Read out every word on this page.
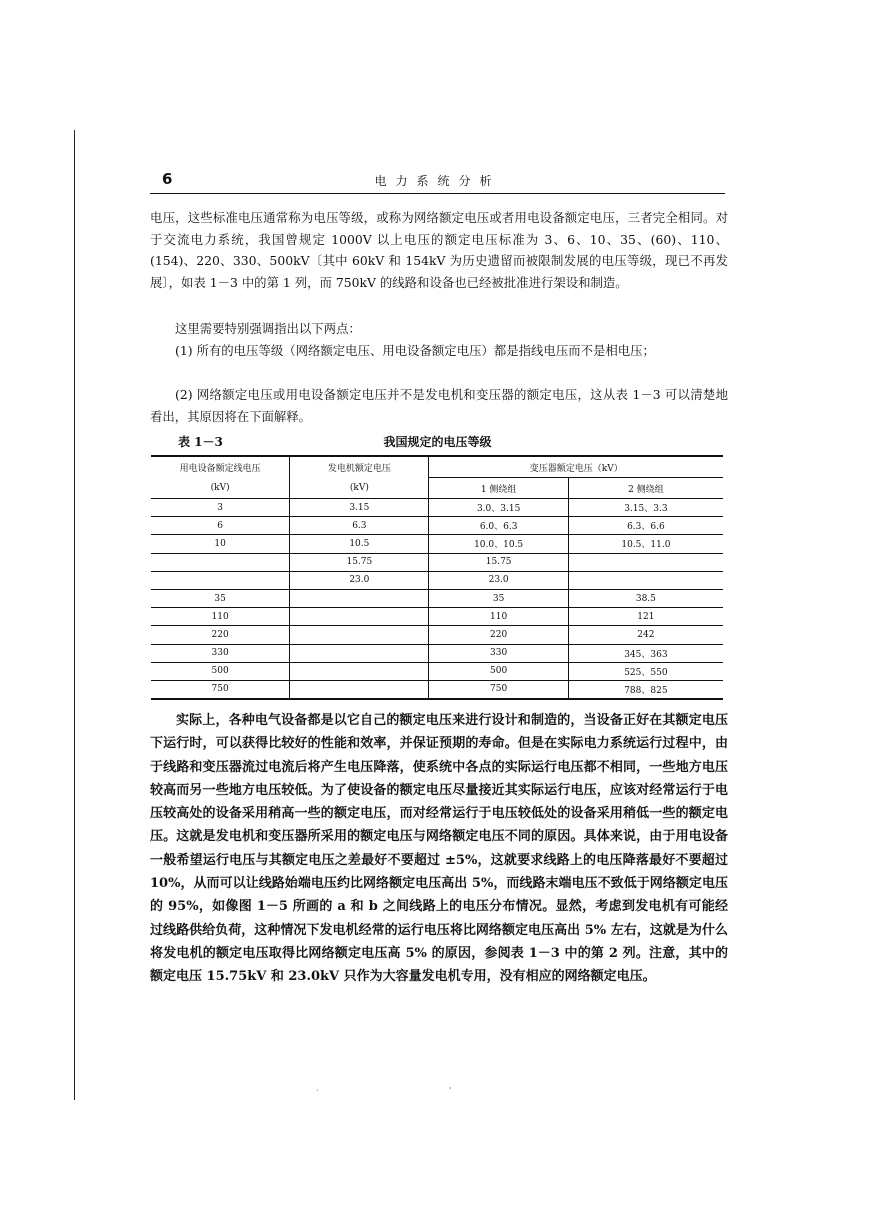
6	电力系统分析

电压，这些标准电压通常称为电压等级，或称为网络额定电压或者用电设备额定电压，三者完全相同。对于交流电力系统，我国曾规定 1000V 以上电压的额定电压标准为 3、6、10、35、(60)、110、(154)、220、330、500kV〔其中 60kV 和 154kV 为历史遗留而被限制发展的电压等级，现已不再发展〕，如表 1－3 中的第 1 列，而 750kV 的线路和设备也已经被批准进行架设和制造。

这里需要特别强调指出以下两点：

(1) 所有的电压等级（网络额定电压、用电设备额定电压）都是指线电压而不是相电压；

(2) 网络额定电压或用电设备额定电压并不是发电机和变压器的额定电压，这从表 1－3 可以清楚地看出，其原因将在下面解释。

表 1－3	我国规定的电压等级
用电设备额定线电压	发电机额定电压	变压器额定电压（kV）	
(kV)	(kV)	1 侧绕组	2 侧绕组
3	3.15	3.0、3.15	3.15、3.3
6	6.3	6.0、6.3	6.3、6.6
10	10.5	10.0、10.5	10.5、11.0
	15.75	15.75	
	23.0	23.0	
35		35	38.5
110		110	121
220		220	242
330		330	345、363
500		500	525、550
750		750	788、825

实际上，各种电气设备都是以它自己的额定电压来进行设计和制造的，当设备正好在其额定电压下运行时，可以获得比较好的性能和效率，并保证预期的寿命。但是在实际电力系统运行过程中，由于线路和变压器流过电流后将产生电压降落，使系统中各点的实际运行电压都不相同，一些地方电压较高而另一些地方电压较低。为了使设备的额定电压尽量接近其实际运行电压，应该对经常运行于电压较高处的设备采用稍高一些的额定电压，而对经常运行于电压较低处的设备采用稍低一些的额定电压。这就是发电机和变压器所采用的额定电压与网络额定电压不同的原因。具体来说，由于用电设备一般希望运行电压与其额定电压之差最好不要超过 ±5%，这就要求线路上的电压降落最好不要超过 10%，从而可以让线路始端电压约比网络额定电压高出 5%，而线路末端电压不致低于网络额定电压的 95%，如像图 1－5 所画的 a 和 b 之间线路上的电压分布情况。显然，考虑到发电机有可能经过线路供给负荷，这种情况下发电机经常的运行电压将比网络额定电压高出 5% 左右，这就是为什么将发电机的额定电压取得比网络额定电压高 5% 的原因，参阅表 1－3 中的第 2 列。注意，其中的额定电压 15.75kV 和 23.0kV 只作为大容量发电机专用，没有相应的网络额定电压。

·	'
